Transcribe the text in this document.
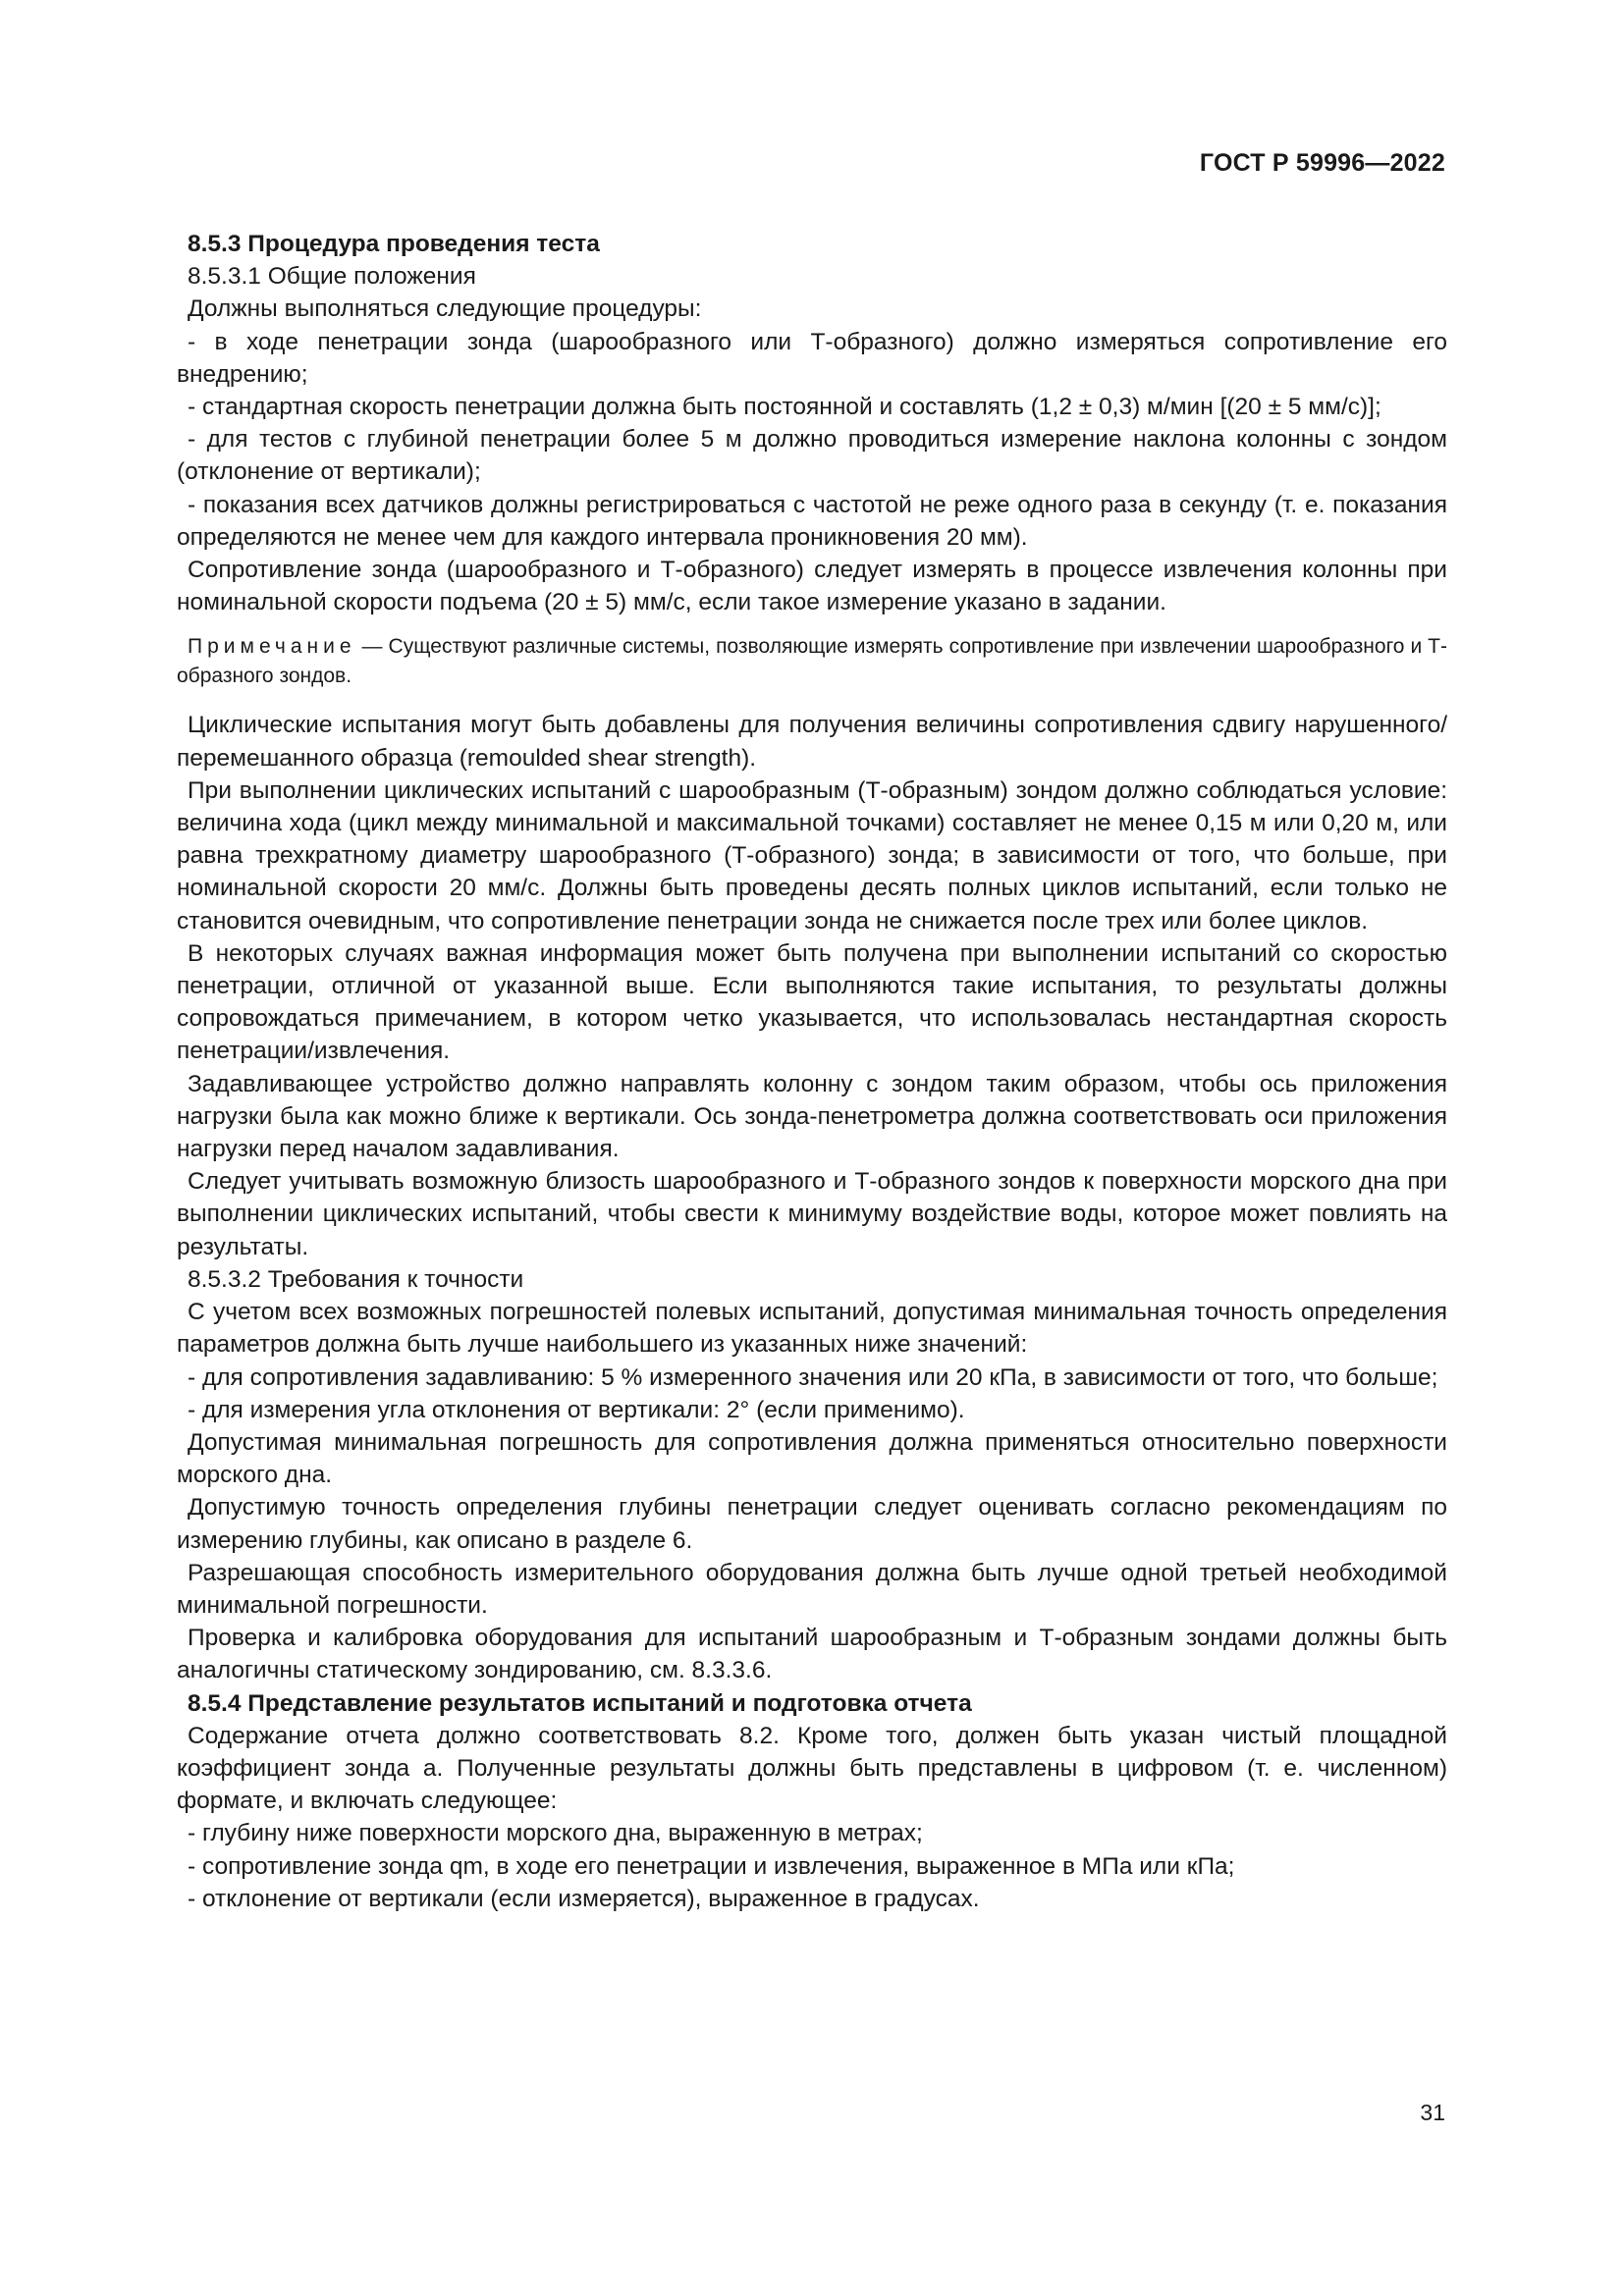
ГОСТ Р 59996—2022

8.5.3 Процедура проведения теста

8.5.3.1 Общие положения

Должны выполняться следующие процедуры:

- в ходе пенетрации зонда (шарообразного или Т-образного) должно измеряться сопротивление его внедрению;

- стандартная скорость пенетрации должна быть постоянной и составлять (1,2 ± 0,3) м/мин [(20 ± 5 мм/с)];

- для тестов с глубиной пенетрации более 5 м должно проводиться измерение наклона колонны с зондом (отклонение от вертикали);

- показания всех датчиков должны регистрироваться с частотой не реже одного раза в секунду (т. е. показания определяются не менее чем для каждого интервала проникновения 20 мм).

Сопротивление зонда (шарообразного и Т-образного) следует измерять в процессе извлечения колонны при номинальной скорости подъема (20 ± 5) мм/с, если такое измерение указано в задании.

Примечание — Существуют различные системы, позволяющие измерять сопротивление при извлечении шарообразного и Т-образного зондов.

Циклические испытания могут быть добавлены для получения величины сопротивления сдвигу нарушенного/перемешанного образца (remoulded shear strength).

При выполнении циклических испытаний с шарообразным (Т-образным) зондом должно соблюдаться условие: величина хода (цикл между минимальной и максимальной точками) составляет не менее 0,15 м или 0,20 м, или равна трехкратному диаметру шарообразного (Т-образного) зонда; в зависимости от того, что больше, при номинальной скорости 20 мм/с. Должны быть проведены десять полных циклов испытаний, если только не становится очевидным, что сопротивление пенетрации зонда не снижается после трех или более циклов.

В некоторых случаях важная информация может быть получена при выполнении испытаний со скоростью пенетрации, отличной от указанной выше. Если выполняются такие испытания, то результаты должны сопровождаться примечанием, в котором четко указывается, что использовалась нестандартная скорость пенетрации/извлечения.

Задавливающее устройство должно направлять колонну с зондом таким образом, чтобы ось приложения нагрузки была как можно ближе к вертикали. Ось зонда-пенетрометра должна соответствовать оси приложения нагрузки перед началом задавливания.

Следует учитывать возможную близость шарообразного и Т-образного зондов к поверхности морского дна при выполнении циклических испытаний, чтобы свести к минимуму воздействие воды, которое может повлиять на результаты.

8.5.3.2 Требования к точности

С учетом всех возможных погрешностей полевых испытаний, допустимая минимальная точность определения параметров должна быть лучше наибольшего из указанных ниже значений:

- для сопротивления задавливанию: 5 % измеренного значения или 20 кПа, в зависимости от того, что больше;

- для измерения угла отклонения от вертикали: 2° (если применимо).

Допустимая минимальная погрешность для сопротивления должна применяться относительно поверхности морского дна.

Допустимую точность определения глубины пенетрации следует оценивать согласно рекомендациям по измерению глубины, как описано в разделе 6.

Разрешающая способность измерительного оборудования должна быть лучше одной третьей необходимой минимальной погрешности.

Проверка и калибровка оборудования для испытаний шарообразным и Т-образным зондами должны быть аналогичны статическому зондированию, см. 8.3.3.6.

8.5.4 Представление результатов испытаний и подготовка отчета

Содержание отчета должно соответствовать 8.2. Кроме того, должен быть указан чистый площадной коэффициент зонда a. Полученные результаты должны быть представлены в цифровом (т. е. численном) формате, и включать следующее:

- глубину ниже поверхности морского дна, выраженную в метрах;

- сопротивление зонда qm, в ходе его пенетрации и извлечения, выраженное в МПа или кПа;

- отклонение от вертикали (если измеряется), выраженное в градусах.

31
